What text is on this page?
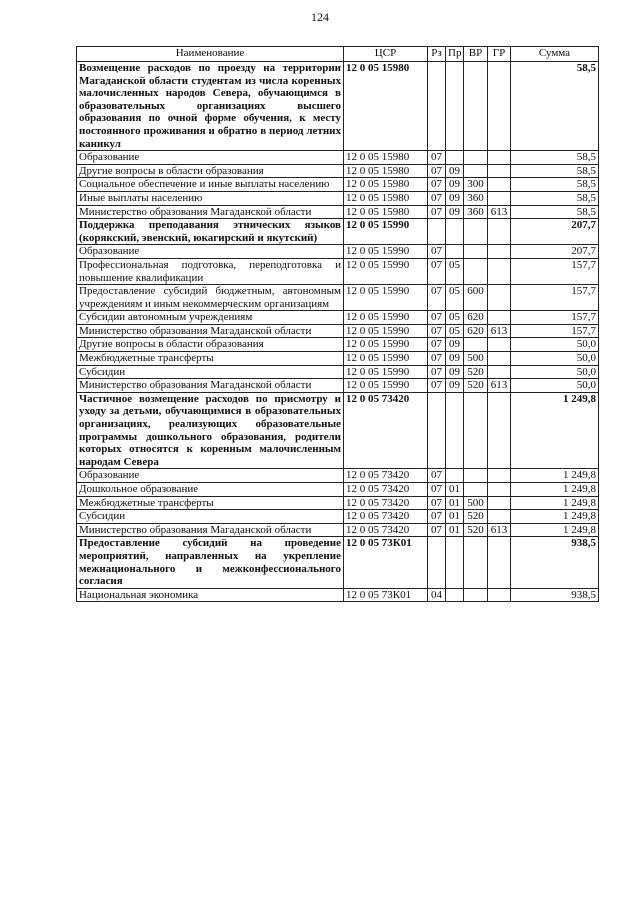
124
Наименование	ЦСР	Рз	Пр	ВР	ГР	Сумма
Возмещение расходов по проезду на территории Магаданской области студентам из числа коренных малочисленных народов Севера, обучающимся в образовательных организациях высшего образования по очной форме обучения, к месту постоянного проживания и обратно в период летних каникул	12 0 05 15980					58,5
Образование	12 0 05 15980	07				58,5
Другие вопросы в области образования	12 0 05 15980	07	09			58,5
Социальное обеспечение и иные выплаты населению	12 0 05 15980	07	09	300		58,5
Иные выплаты населению	12 0 05 15980	07	09	360		58,5
Министерство образования Магаданской области	12 0 05 15980	07	09	360	613	58,5
Поддержка преподавания этнических языков (корякский, эвенский, юкагирский и якутский)	12 0 05 15990					207,7
Образование	12 0 05 15990	07				207,7
Профессиональная подготовка, переподготовка и повышение квалификации	12 0 05 15990	07	05			157,7
Предоставление субсидий бюджетным, автономным учреждениям и иным некоммерческим организациям	12 0 05 15990	07	05	600		157,7
Субсидии автономным учреждениям	12 0 05 15990	07	05	620		157,7
Министерство образования Магаданской области	12 0 05 15990	07	05	620	613	157,7
Другие вопросы в области образования	12 0 05 15990	07	09			50,0
Межбюджетные трансферты	12 0 05 15990	07	09	500		50,0
Субсидии	12 0 05 15990	07	09	520		50,0
Министерство образования Магаданской области	12 0 05 15990	07	09	520	613	50,0
Частичное возмещение расходов по присмотру и уходу за детьми, обучающимися в образовательных организациях, реализующих образовательные программы дошкольного образования, родители которых относятся к коренным малочисленным народам Севера	12 0 05 73420					1 249,8
Образование	12 0 05 73420	07				1 249,8
Дошкольное образование	12 0 05 73420	07	01			1 249,8
Межбюджетные трансферты	12 0 05 73420	07	01	500		1 249,8
Субсидии	12 0 05 73420	07	01	520		1 249,8
Министерство образования Магаданской области	12 0 05 73420	07	01	520	613	1 249,8
Предоставление субсидий на проведение мероприятий, направленных на укрепление межнационального и межконфессионального согласия	12 0 05 73К01					938,5
Национальная экономика	12 0 05 73К01	04				938,5
